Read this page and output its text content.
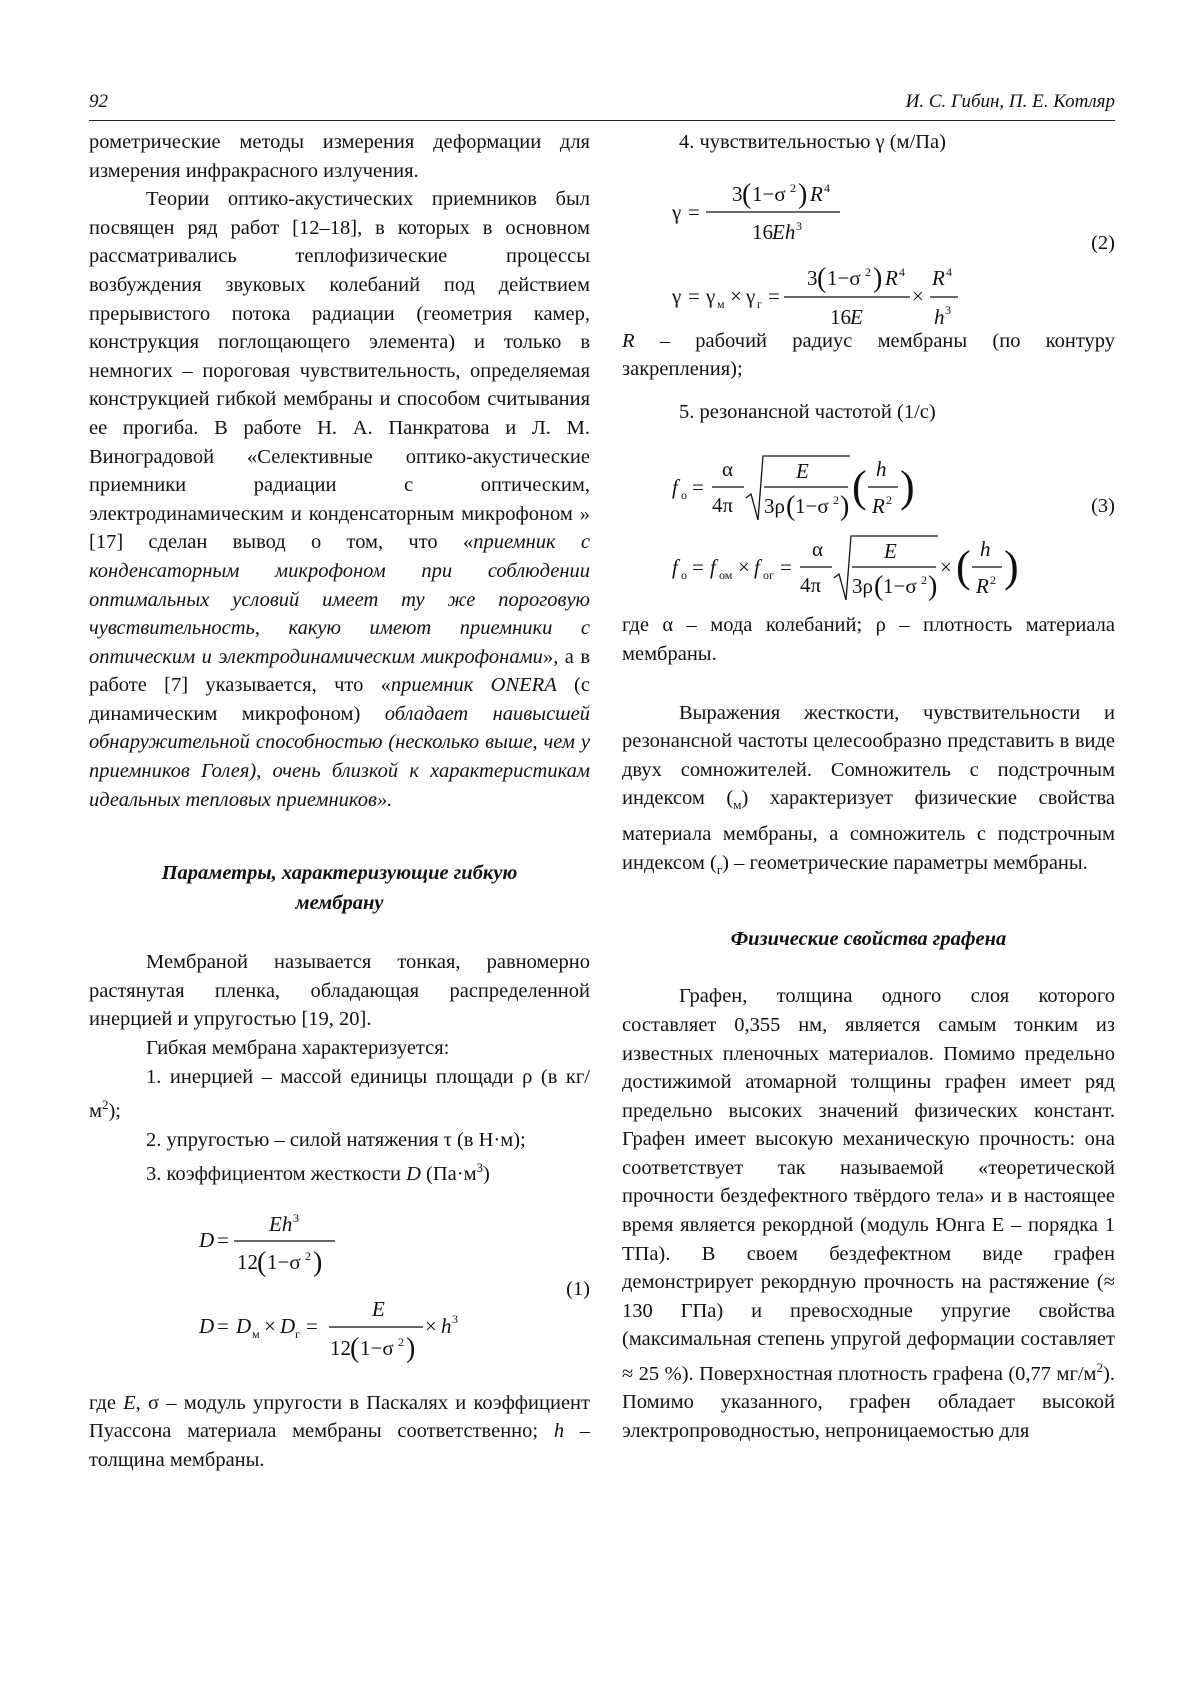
92	И. С. Гибин, П. Е. Котляр

рометрические методы измерения деформации для измерения инфракрасного излучения.

Теории оптико-акустических приемников был посвящен ряд работ [12–18], в которых в основном рассматривались теплофизические процессы возбуждения звуковых колебаний под действием прерывистого потока радиации (геометрия камер, конструкция поглощающего элемента) и только в немногих – пороговая чувствительность, определяемая конструкцией гибкой мембраны и способом считывания ее прогиба. В работе Н. А. Панкратова и Л. М. Виноградовой «Селективные оптико-акустические приемники радиации с оптическим, электродинамическим и конденсаторным микрофоном » [17] сделан вывод о том, что «приемник с конденсаторным микрофоном при соблюдении оптимальных условий имеет ту же пороговую чувствительность, какую имеют приемники с оптическим и электродинамическим микрофонами», а в работе [7] указывается, что «приемник ONERA (с динамическим микрофоном) обладает наивысшей обнаружительной способностью (несколько выше, чем у приемников Голея), очень близкой к характеристикам идеальных тепловых приемников».

Параметры, характеризующие гибкую мембрану

Мембраной называется тонкая, равномерно растянутая пленка, обладающая распределенной инерцией и упругостью [19, 20].

Гибкая мембрана характеризуется:

1. инерцией – массой единицы площади ρ (в $кг/м^2$);

2. упругостью – силой натяжения τ (в Н·м);

3. коэффициентом жесткости D $(Па\cdot м^3)$

D =
Eh 3
12 ( 1−σ 2 )
D = D м × D г =
E
12 ( 1−σ 2 )
× h 3
(1)

где E, σ – модуль упругости в Паскалях и коэффициент Пуассона материала мембраны соответственно; h – толщина мембраны.

4. чувствительностью γ (м/Па)

γ =
3 ( 1−σ 2 ) R 4
16 Eh 3
γ = γ м × γ г =
3 ( 1−σ 2 ) R 4
16 E
×
R 4
h 3
(2)

R – рабочий радиус мембраны (по контуру закрепления);

5. резонансной частотой (1/с)

f o =
α
4π
E
3ρ ( 1−σ 2 ) ( h
R 2 )
f o = f ом × f ог =
α
4π
E
3ρ ( 1−σ 2 )
× ( h
R 2 )
(3)

где α – мода колебаний; ρ – плотность материала мембраны.

Выражения жесткости, чувствительности и резонансной частоты целесообразно представить в виде двух сомножителей. Сомножитель с подстрочным индексом $(_м)$ характеризует физические свойства материала мембраны, а сомножитель с подстрочным индексом $(_г)$ – геометрические параметры мембраны.

Физические свойства графена

Графен, толщина одного слоя которого составляет 0,355 нм, является самым тонким из известных пленочных материалов. Помимо предельно достижимой атомарной толщины графен имеет ряд предельно высоких значений физических констант. Графен имеет высокую механическую прочность: она соответствует так называемой «теоретической прочности бездефектного твёрдого тела» и в настоящее время является рекордной (модуль Юнга Е – порядка 1 ТПа). В своем бездефектном виде графен демонстрирует рекордную прочность на растяжение (≈ 130 ГПа) и превосходные упругие свойства (максимальная степень упругой деформации составляет ≈ 25 %). Поверхностная плотность графена (0,77 $мг/м^2$). Помимо указанного, графен обладает высокой электропроводностью, непроницаемостью для
